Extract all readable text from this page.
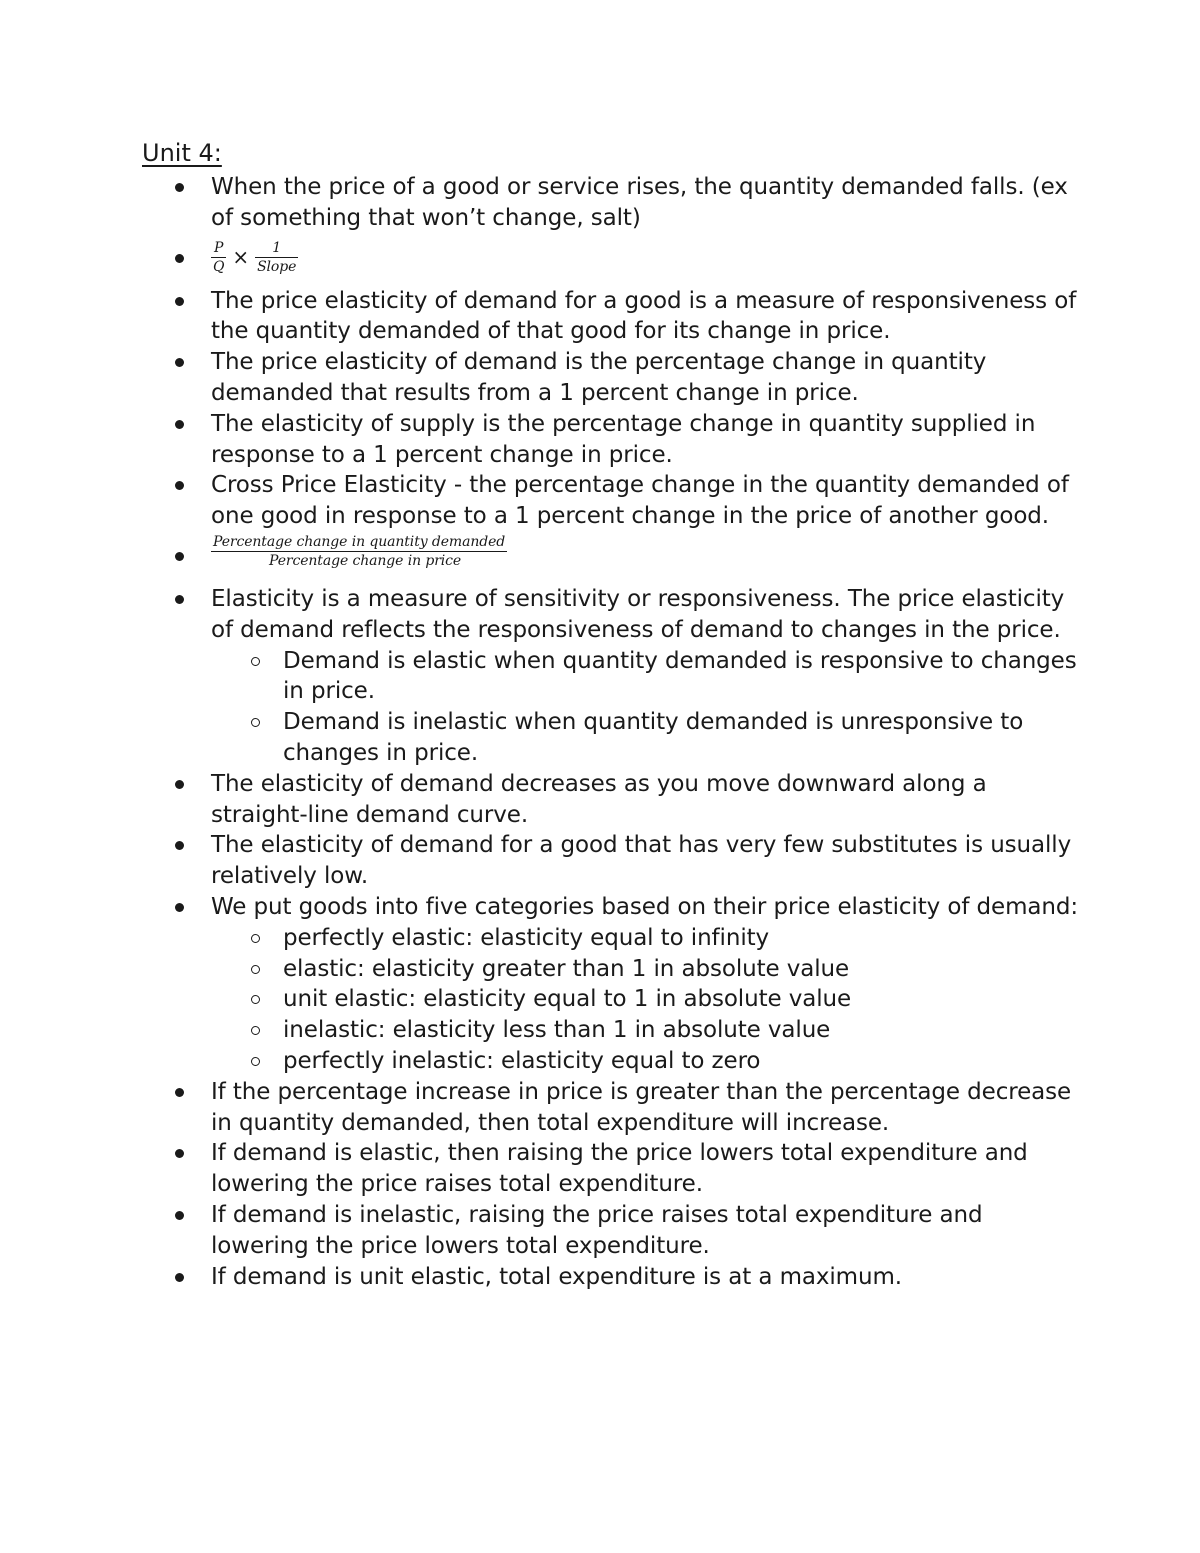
Unit 4:
When the price of a good or service rises, the quantity demanded falls. (ex of something that won’t change, salt)
$\frac{P}{Q} \times \frac{1}{\text{Slope}}$
The price elasticity of demand for a good is a measure of responsiveness of the quantity demanded of that good for its change in price.
The price elasticity of demand is the percentage change in quantity demanded that results from a 1 percent change in price.
The elasticity of supply is the percentage change in quantity supplied in response to a 1 percent change in price.
Cross Price Elasticity - the percentage change in the quantity demanded of one good in response to a 1 percent change in the price of another good.
$\frac{\text{Percentage change in quantity demanded}}{\text{Percentage change in price}}$
Elasticity is a measure of sensitivity or responsiveness. The price elasticity of demand reflects the responsiveness of demand to changes in the price.
Demand is elastic when quantity demanded is responsive to changes in price.
Demand is inelastic when quantity demanded is unresponsive to changes in price.
The elasticity of demand decreases as you move downward along a straight-line demand curve.
The elasticity of demand for a good that has very few substitutes is usually relatively low.
We put goods into five categories based on their price elasticity of demand:
perfectly elastic: elasticity equal to infinity
elastic: elasticity greater than 1 in absolute value
unit elastic: elasticity equal to 1 in absolute value
inelastic: elasticity less than 1 in absolute value
perfectly inelastic: elasticity equal to zero
If the percentage increase in price is greater than the percentage decrease in quantity demanded, then total expenditure will increase.
If demand is elastic, then raising the price lowers total expenditure and lowering the price raises total expenditure.
If demand is inelastic, raising the price raises total expenditure and lowering the price lowers total expenditure.
If demand is unit elastic, total expenditure is at a maximum.
